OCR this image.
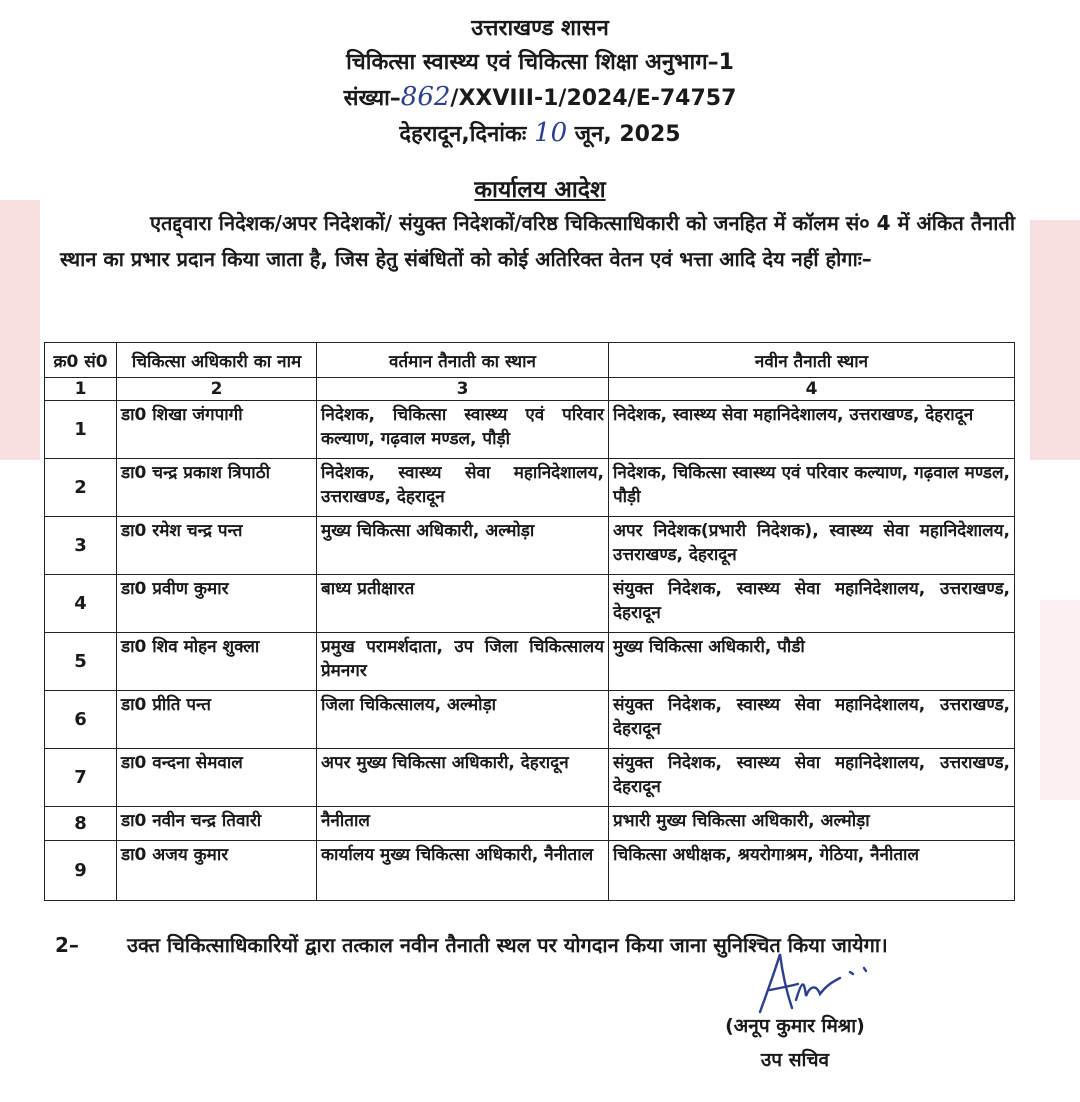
उत्तराखण्ड शासन
चिकित्सा स्वास्थ्य एवं चिकित्सा शिक्षा अनुभाग–1
संख्या–862/XXVIII-1/2024/E-74757
देहरादून,दिनांकः 10 जून, 2025
कार्यालय आदेश
एतद्द्वारा निदेशक/अपर निदेशकों/ संयुक्त निदेशकों/वरिष्ठ चिकित्साधिकारी को जनहित में कॉलम सं० 4 में अंकित तैनाती स्थान का प्रभार प्रदान किया जाता है, जिस हेतु संबंधितों को कोई अतिरिक्त वेतन एवं भत्ता आदि देय नहीं होगाः–
क्र0 सं0	चिकित्सा अधिकारी का नाम	वर्तमान तैनाती का स्थान	नवीन तैनाती स्थान
1	2	3	4
1	डा0 शिखा जंगपागी	निदेशक, चिकित्सा स्वास्थ्य एवं परिवार कल्याण, गढ़वाल मण्डल, पौड़ी	निदेशक, स्वास्थ्य सेवा महानिदेशालय, उत्तराखण्ड, देहरादून
2	डा0 चन्द्र प्रकाश त्रिपाठी	निदेशक, स्वास्थ्य सेवा महानिदेशालय, उत्तराखण्ड, देहरादून	निदेशक, चिकित्सा स्वास्थ्य एवं परिवार कल्याण, गढ़वाल मण्डल, पौड़ी
3	डा0 रमेश चन्द्र पन्त	मुख्य चिकित्सा अधिकारी, अल्मोड़ा	अपर निदेशक(प्रभारी निदेशक), स्वास्थ्य सेवा महानिदेशालय, उत्तराखण्ड, देहरादून
4	डा0 प्रवीण कुमार	बाध्य प्रतीक्षारत	संयुक्त निदेशक, स्वास्थ्य सेवा महानिदेशालय, उत्तराखण्ड, देहरादून
5	डा0 शिव मोहन शुक्ला	प्रमुख परामर्शदाता, उप जिला चिकित्सालय प्रेमनगर	मुख्य चिकित्सा अधिकारी, पौडी
6	डा0 प्रीति पन्त	जिला चिकित्सालय, अल्मोड़ा	संयुक्त निदेशक, स्वास्थ्य सेवा महानिदेशालय, उत्तराखण्ड, देहरादून
7	डा0 वन्दना सेमवाल	अपर मुख्य चिकित्सा अधिकारी, देहरादून	संयुक्त निदेशक, स्वास्थ्य सेवा महानिदेशालय, उत्तराखण्ड, देहरादून
8	डा0 नवीन चन्द्र तिवारी	नैनीताल	प्रभारी मुख्य चिकित्सा अधिकारी, अल्मोड़ा
9	डा0 अजय कुमार	कार्यालय मुख्य चिकित्सा अधिकारी, नैनीताल	चिकित्सा अधीक्षक, श्रयरोगाश्रम, गेठिया, नैनीताल
2– उक्त चिकित्साधिकारियों द्वारा तत्काल नवीन तैनाती स्थल पर योगदान किया जाना सुनिश्चित किया जायेगा।
(अनूप कुमार मिश्रा)
उप सचिव
